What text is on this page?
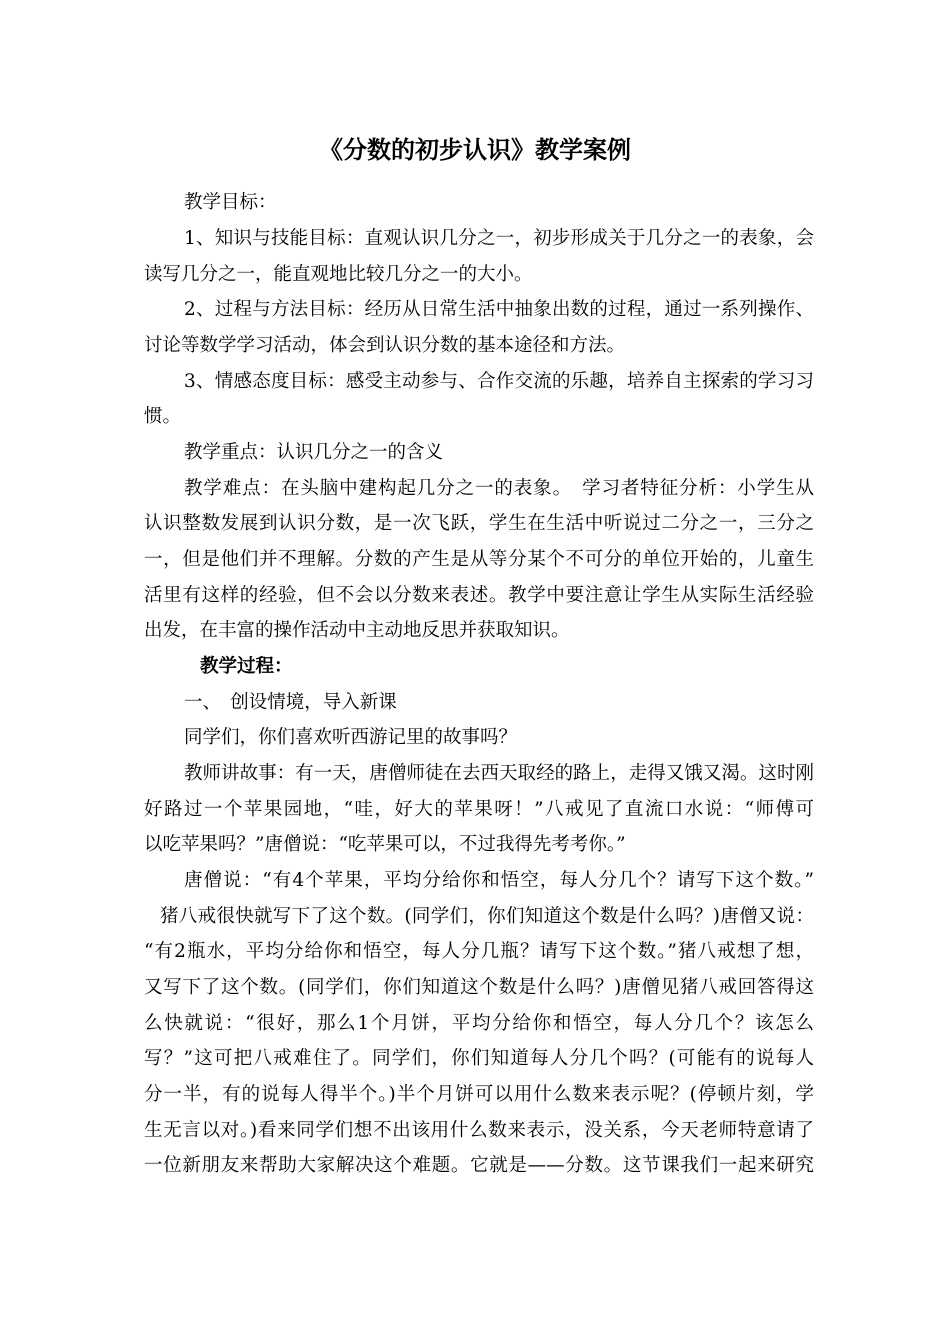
《分数的初步认识》教学案例
教学目标：
1、知识与技能目标：直观认识几分之一，初步形成关于几分之一的表象，会
读写几分之一，能直观地比较几分之一的大小。
2、过程与方法目标：经历从日常生活中抽象出数的过程，通过一系列操作、
讨论等数学学习活动，体会到认识分数的基本途径和方法。
3、情感态度目标：感受主动参与、合作交流的乐趣，培养自主探索的学习习
惯。
教学重点：认识几分之一的含义
教学难点：在头脑中建构起几分之一的表象。　学习者特征分析：小学生从
认识整数发展到认识分数，是一次飞跃，学生在生活中听说过二分之一，三分之
一，但是他们并不理解。分数的产生是从等分某个不可分的单位开始的，儿童生
活里有这样的经验，但不会以分数来表述。教学中要注意让学生从实际生活经验
出发，在丰富的操作活动中主动地反思并获取知识。
教学过程：
一、　创设情境，导入新课
同学们，你们喜欢听西游记里的故事吗？
教师讲故事：有一天，唐僧师徒在去西天取经的路上，走得又饿又渴。这时刚
好路过一个苹果园地，“哇，好大的苹果呀！”八戒见了直流口水说：“师傅可
以吃苹果吗？”唐僧说：“吃苹果可以，不过我得先考考你。”
唐僧说：“有4个苹果，平均分给你和悟空，每人分几个？请写下这个数。”
猪八戒很快就写下了这个数。(同学们，你们知道这个数是什么吗？)唐僧又说：
“有2瓶水，平均分给你和悟空，每人分几瓶？请写下这个数。”猪八戒想了想，
又写下了这个数。(同学们，你们知道这个数是什么吗？)唐僧见猪八戒回答得这
么快就说：“很好，那么1个月饼，平均分给你和悟空，每人分几个？该怎么
写？”这可把八戒难住了。同学们，你们知道每人分几个吗？(可能有的说每人
分一半，有的说每人得半个。)半个月饼可以用什么数来表示呢？(停顿片刻，学
生无言以对。)看来同学们想不出该用什么数来表示，没关系，今天老师特意请了
一位新朋友来帮助大家解决这个难题。它就是——分数。这节课我们一起来研究
